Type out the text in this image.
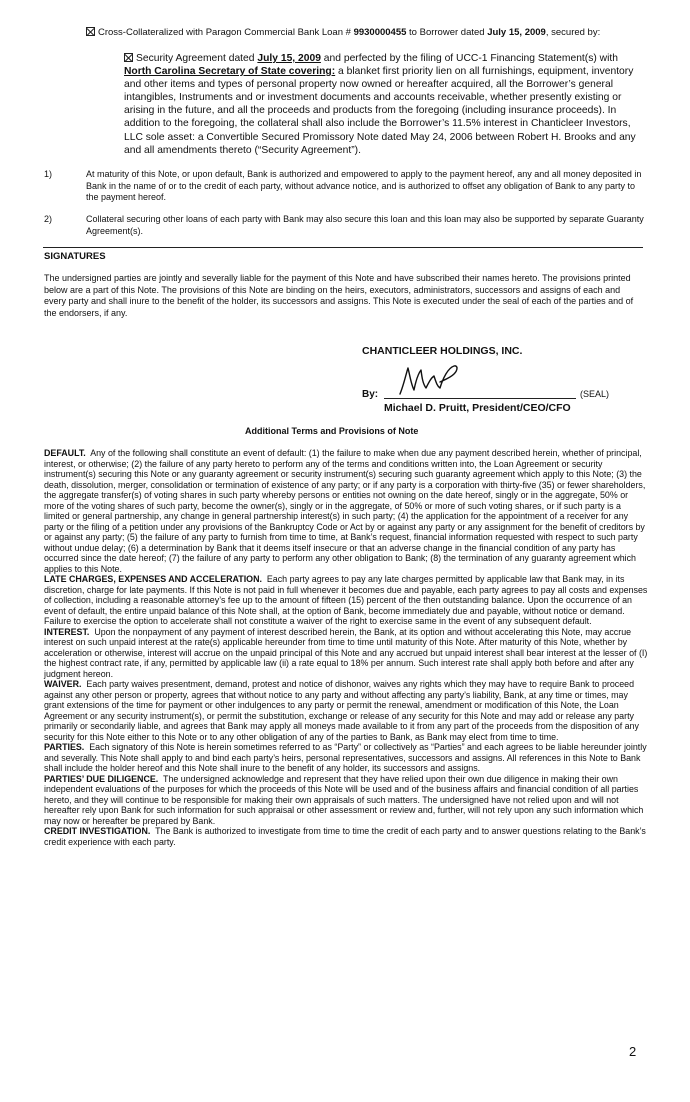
Cross-Collateralized with Paragon Commercial Bank Loan # 9930000455 to Borrower dated July 15, 2009, secured by:
Security Agreement dated July 15, 2009 and perfected by the filing of UCC-1 Financing Statement(s) with North Carolina Secretary of State covering: a blanket first priority lien on all furnishings, equipment, inventory and other items and types of personal property now owned or hereafter acquired, all the Borrower’s general intangibles, Instruments and or investment documents and accounts receivable, whether presently existing or arising in the future, and all the proceeds and products from the foregoing (including insurance proceeds). In addition to the foregoing, the collateral shall also include the Borrower’s 11.5% interest in Chanticleer Investors, LLC sole asset: a Convertible Secured Promissory Note dated May 24, 2006 between Robert H. Brooks and any and all amendments thereto (“Security Agreement”).
1)	At maturity of this Note, or upon default, Bank is authorized and empowered to apply to the payment hereof, any and all money deposited in Bank in the name of or to the credit of each party, without advance notice, and is authorized to offset any obligation of Bank to any party to the payment hereof.
2)	Collateral securing other loans of each party with Bank may also secure this loan and this loan may also be supported by separate Guaranty Agreement(s).
SIGNATURES
The undersigned parties are jointly and severally liable for the payment of this Note and have subscribed their names hereto. The provisions printed below are a part of this Note. The provisions of this Note are binding on the heirs, executors, administrators, successors and assigns of each and every party and shall inure to the benefit of the holder, its successors and assigns. This Note is executed under the seal of each of the parties and of the endorsers, if any.
CHANTICLEER HOLDINGS, INC.
By:	(SEAL)
Michael D. Pruitt, President/CEO/CFO
Additional Terms and Provisions of Note
DEFAULT. Any of the following shall constitute an event of default: (1) the failure to make when due any payment described herein, whether of principal, interest, or otherwise; (2) the failure of any party hereto to perform any of the terms and conditions written into, the Loan Agreement or security instrument(s) securing this Note or any guaranty agreement or security instrument(s) securing such guaranty agreement which apply to this Note; (3) the death, dissolution, merger, consolidation or termination of existence of any party; or if any party is a corporation with thirty-five (35) or fewer shareholders, the aggregate transfer(s) of voting shares in such party whereby persons or entities not owning on the date hereof, singly or in the aggregate, 50% or more of the voting shares of such party, become the owner(s), singly or in the aggregate, of 50% or more of such voting shares, or if such party is a limited or general partnership, any change in general partnership interest(s) in such party; (4) the application for the appointment of a receiver for any party or the filing of a petition under any provisions of the Bankruptcy Code or Act by or against any party or any assignment for the benefit of creditors by or against any party; (5) the failure of any party to furnish from time to time, at Bank’s request, financial information requested with respect to such party without undue delay; (6) a determination by Bank that it deems itself insecure or that an adverse change in the financial condition of any party has occurred since the date hereof; (7) the failure of any party to perform any other obligation to Bank; (8) the termination of any guaranty agreement which applies to this Note.
LATE CHARGES, EXPENSES AND ACCELERATION. Each party agrees to pay any late charges permitted by applicable law that Bank may, in its discretion, charge for late payments. If this Note is not paid in full whenever it becomes due and payable, each party agrees to pay all costs and expenses of collection, including a reasonable attorney’s fee up to the amount of fifteen (15) percent of the then outstanding balance. Upon the occurrence of an event of default, the entire unpaid balance of this Note shall, at the option of Bank, become immediately due and payable, without notice or demand. Failure to exercise the option to accelerate shall not constitute a waiver of the right to exercise same in the event of any subsequent default.
INTEREST. Upon the nonpayment of any payment of interest described herein, the Bank, at its option and without accelerating this Note, may accrue interest on such unpaid interest at the rate(s) applicable hereunder from time to time until maturity of this Note. After maturity of this Note, whether by acceleration or otherwise, interest will accrue on the unpaid principal of this Note and any accrued but unpaid interest shall bear interest at the lesser of (I) the highest contract rate, if any, permitted by applicable law (ii) a rate equal to 18% per annum. Such interest rate shall apply both before and after any judgment hereon.
WAIVER. Each party waives presentment, demand, protest and notice of dishonor, waives any rights which they may have to require Bank to proceed against any other person or property, agrees that without notice to any party and without affecting any party’s liability, Bank, at any time or times, may grant extensions of the time for payment or other indulgences to any party or permit the renewal, amendment or modification of this Note, the Loan Agreement or any security instrument(s), or permit the substitution, exchange or release of any security for this Note and may add or release any party primarily or secondarily liable, and agrees that Bank may apply all moneys made available to it from any part of the proceeds from the disposition of any security for this Note either to this Note or to any other obligation of any of the parties to Bank, as Bank may elect from time to time.
PARTIES. Each signatory of this Note is herein sometimes referred to as “Party” or collectively as “Parties” and each agrees to be liable hereunder jointly and severally. This Note shall apply to and bind each party’s heirs, personal representatives, successors and assigns. All references in this Note to Bank shall include the holder hereof and this Note shall inure to the benefit of any holder, its successors and assigns.
PARTIES’ DUE DILIGENCE. The undersigned acknowledge and represent that they have relied upon their own due diligence in making their own independent evaluations of the purposes for which the proceeds of this Note will be used and of the business affairs and financial condition of all parties hereto, and they will continue to be responsible for making their own appraisals of such matters. The undersigned have not relied upon and will not hereafter rely upon Bank for such information for such appraisal or other assessment or review and, further, will not rely upon any such information which may now or hereafter be prepared by Bank.
CREDIT INVESTIGATION. The Bank is authorized to investigate from time to time the credit of each party and to answer questions relating to the Bank’s credit experience with each party.
2
